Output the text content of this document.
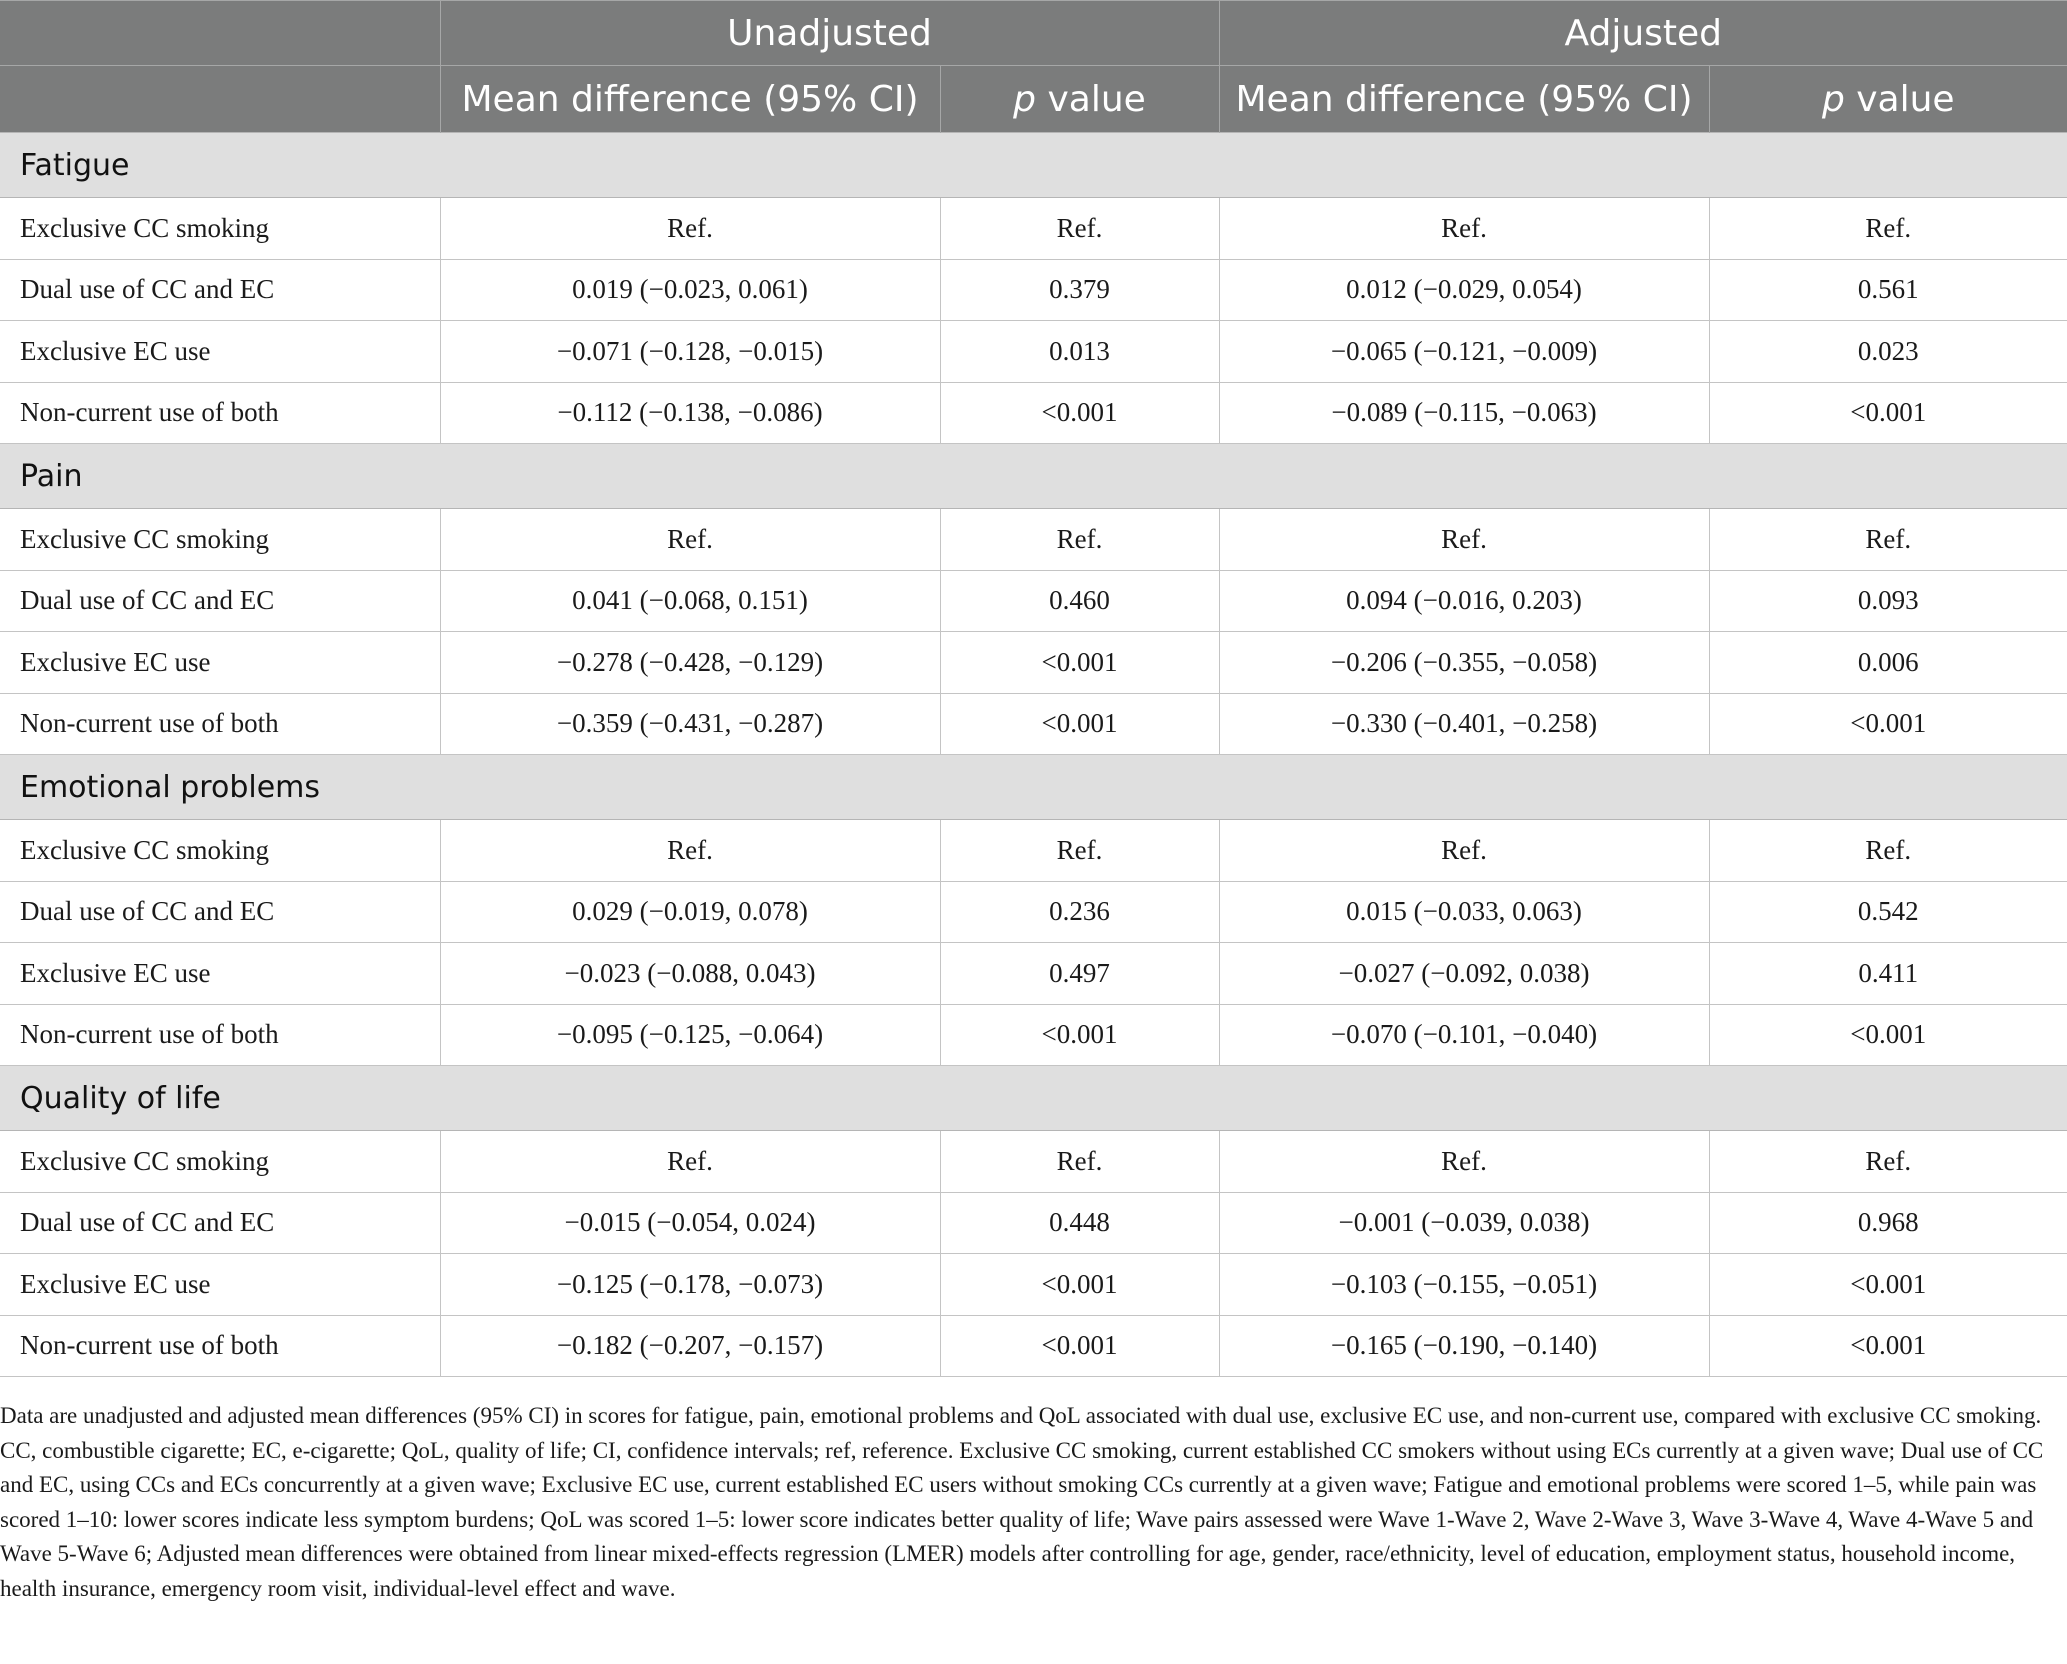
	Unadjusted		Adjusted	
	Mean difference (95% CI)	p value	Mean difference (95% CI)	p value
Fatigue				
Exclusive CC smoking	Ref.	Ref.	Ref.	Ref.
Dual use of CC and EC	0.019 (−0.023, 0.061)	0.379	0.012 (−0.029, 0.054)	0.561
Exclusive EC use	−0.071 (−0.128, −0.015)	0.013	−0.065 (−0.121, −0.009)	0.023
Non-current use of both	−0.112 (−0.138, −0.086)	<0.001	−0.089 (−0.115, −0.063)	<0.001
Pain				
Exclusive CC smoking	Ref.	Ref.	Ref.	Ref.
Dual use of CC and EC	0.041 (−0.068, 0.151)	0.460	0.094 (−0.016, 0.203)	0.093
Exclusive EC use	−0.278 (−0.428, −0.129)	<0.001	−0.206 (−0.355, −0.058)	0.006
Non-current use of both	−0.359 (−0.431, −0.287)	<0.001	−0.330 (−0.401, −0.258)	<0.001
Emotional problems				
Exclusive CC smoking	Ref.	Ref.	Ref.	Ref.
Dual use of CC and EC	0.029 (−0.019, 0.078)	0.236	0.015 (−0.033, 0.063)	0.542
Exclusive EC use	−0.023 (−0.088, 0.043)	0.497	−0.027 (−0.092, 0.038)	0.411
Non-current use of both	−0.095 (−0.125, −0.064)	<0.001	−0.070 (−0.101, −0.040)	<0.001
Quality of life				
Exclusive CC smoking	Ref.	Ref.	Ref.	Ref.
Dual use of CC and EC	−0.015 (−0.054, 0.024)	0.448	−0.001 (−0.039, 0.038)	0.968
Exclusive EC use	−0.125 (−0.178, −0.073)	<0.001	−0.103 (−0.155, −0.051)	<0.001
Non-current use of both	−0.182 (−0.207, −0.157)	<0.001	−0.165 (−0.190, −0.140)	<0.001

Data are unadjusted and adjusted mean differences (95% CI) in scores for fatigue, pain, emotional problems and QoL associated with dual use, exclusive EC use, and non-current use, compared with exclusive CC smoking.

CC, combustible cigarette; EC, e-cigarette; QoL, quality of life; CI, confidence intervals; ref, reference. Exclusive CC smoking, current established CC smokers without using ECs currently at a given wave; Dual use of CC and EC, using CCs and ECs concurrently at a given wave; Exclusive EC use, current established EC users without smoking CCs currently at a given wave; Fatigue and emotional problems were scored 1–5, while pain was scored 1–10: lower scores indicate less symptom burdens; QoL was scored 1–5: lower score indicates better quality of life; Wave pairs assessed were Wave 1-Wave 2, Wave 2-Wave 3, Wave 3-Wave 4, Wave 4-Wave 5 and Wave 5-Wave 6; Adjusted mean differences were obtained from linear mixed-effects regression (LMER) models after controlling for age, gender, race/ethnicity, level of education, employment status, household income, health insurance, emergency room visit, individual-level effect and wave.
